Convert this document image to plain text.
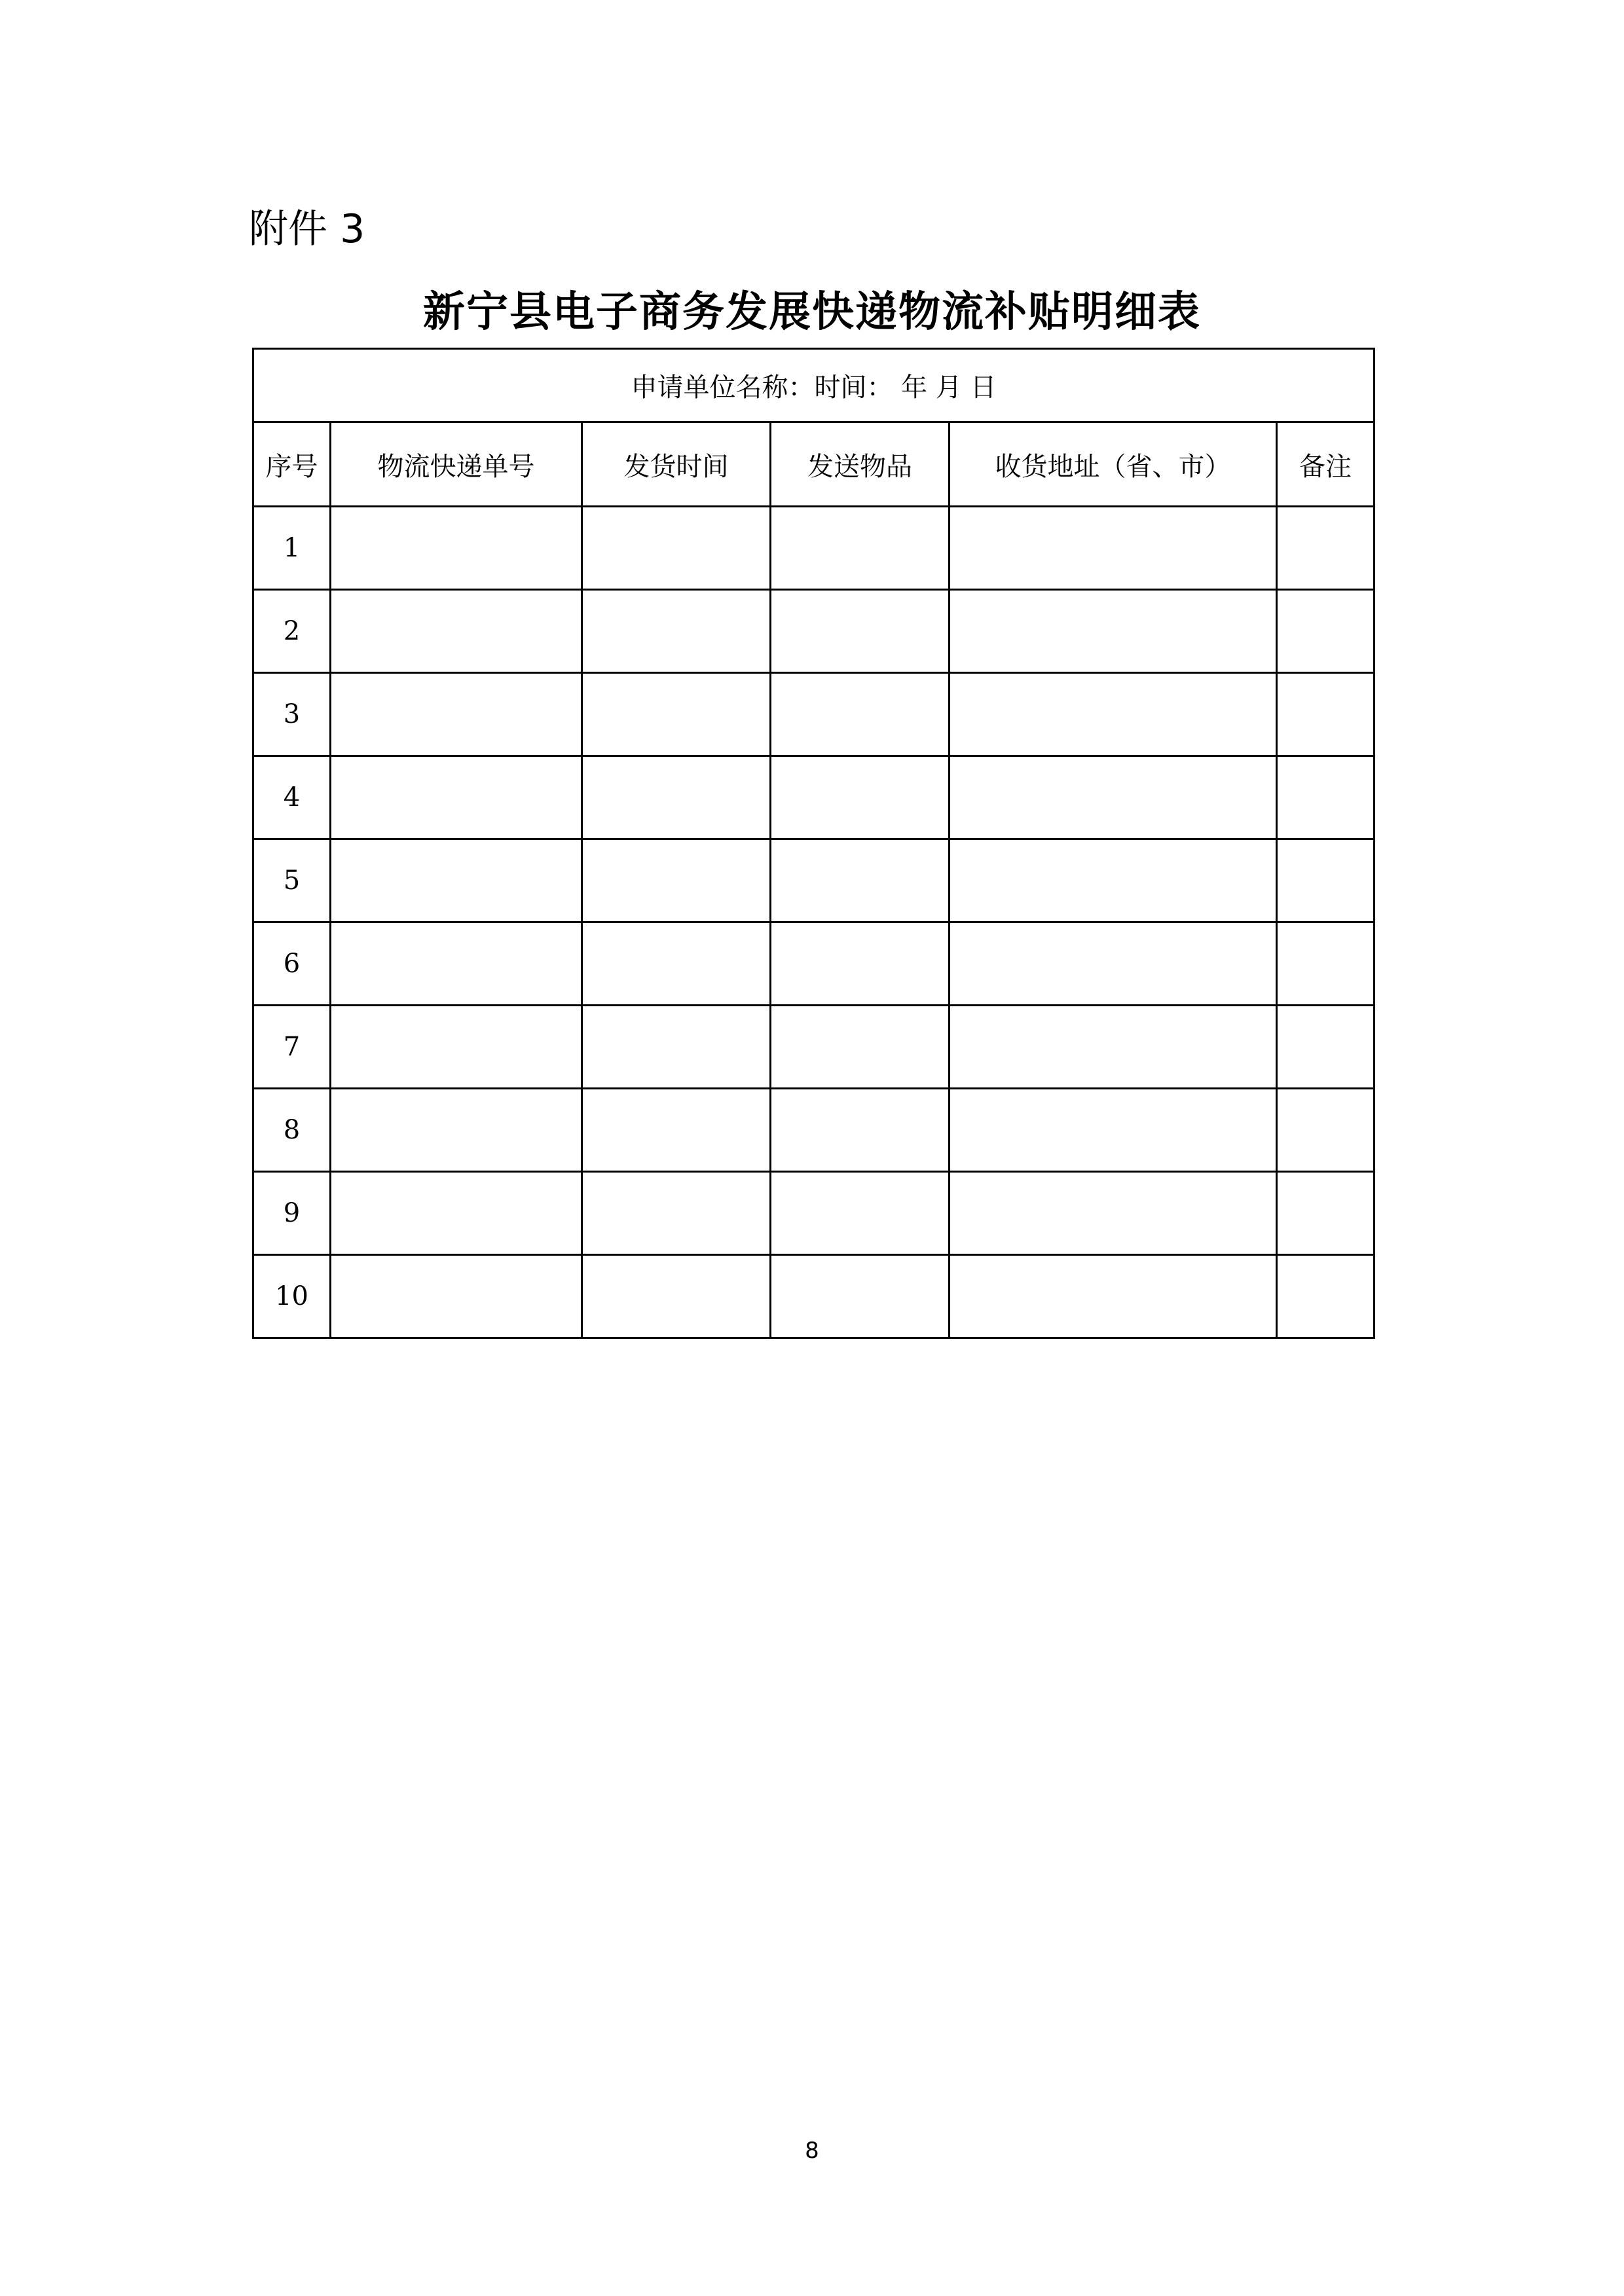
附件 3
新宁县电子商务发展快递物流补贴明细表
申请单位名称：时间： 年 月 日					
序号	物流快递单号	发货时间	发送物品	收货地址（省、市）	备注
1					
2					
3					
4					
5					
6					
7					
8					
9					
10					
8
